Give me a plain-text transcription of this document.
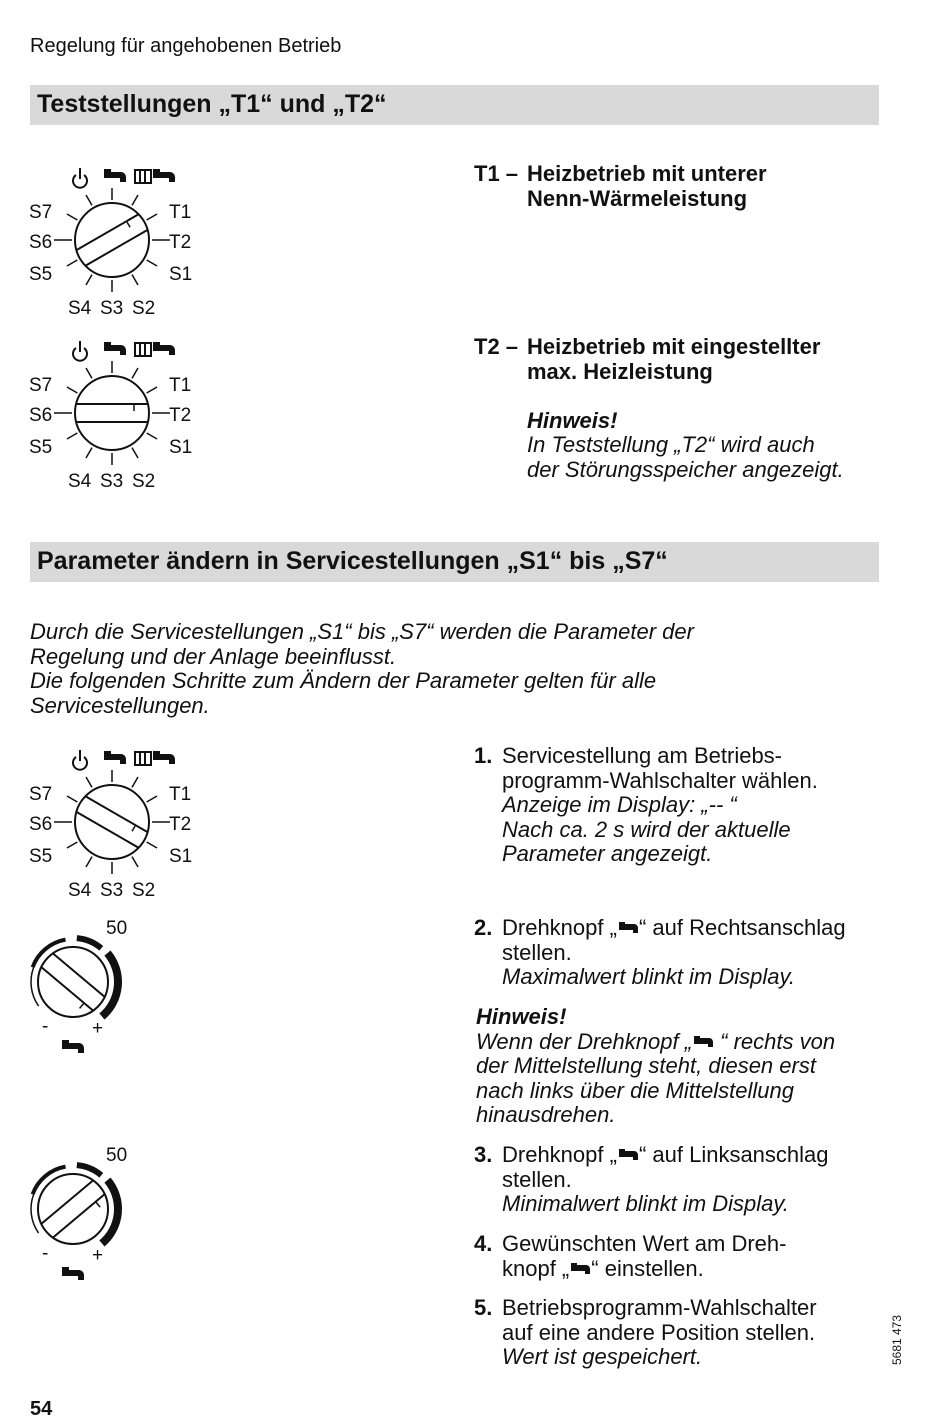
Regelung für angehobenen Betrieb
Teststellungen „T1“ und „T2“
S7
S6
S5
S4 S3 S2
T1
T2
S1
S7
S6
S5
S4 S3 S2
T1
T2
S1
S7
S6
S5
S4 S3 S2
T1
T2
S1
T1 – Heizbetrieb mit unterer
Nenn-Wärmeleistung
T2 – Heizbetrieb mit eingestellter
max. Heizleistung
Hinweis!
In Teststellung „T2“ wird auch
der Störungsspeicher angezeigt.
Parameter ändern in Servicestellungen „S1“ bis „S7“
Durch die Servicestellungen „S1“ bis „S7“ werden die Parameter der
Regelung und der Anlage beeinflusst.
Die folgenden Schritte zum Ändern der Parameter gelten für alle
Servicestellungen.
1. Servicestellung am Betriebs-
programm-Wahlschalter wählen.
Anzeige im Display: „-- “
Nach ca. 2 s wird der aktuelle
Parameter angezeigt.
2. Drehknopf „ “ auf Rechtsanschlag
stellen.
Maximalwert blinkt im Display.
Hinweis!
Wenn der Drehknopf „ “ rechts von
der Mittelstellung steht, diesen erst
nach links über die Mittelstellung
hinausdrehen.
3. Drehknopf „ “ auf Linksanschlag
stellen.
Minimalwert blinkt im Display.
4. Gewünschten Wert am Dreh-
knopf „ “ einstellen.
5. Betriebsprogramm-Wahlschalter
auf eine andere Position stellen.
Wert ist gespeichert.
50
- +
50
- +
54
5681 473
